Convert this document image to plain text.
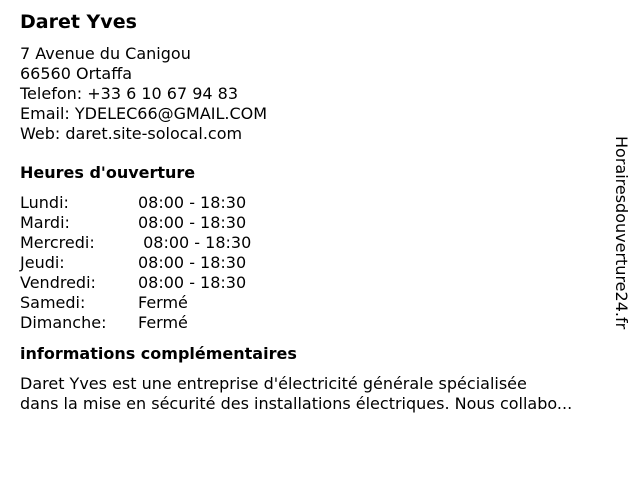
Daret Yves
7 Avenue du Canigou
66560 Ortaffa
Telefon: +33 6 10 67 94 83
Email: YDELEC66@GMAIL.COM
Web: daret.site-solocal.com
Heures d'ouverture
Lundi:	08:00 - 18:30
Mardi:	08:00 - 18:30
Mercredi:	08:00 - 18:30
Jeudi:	08:00 - 18:30
Vendredi:	08:00 - 18:30
Samedi:	Fermé
Dimanche:	Fermé
informations complémentaires
Daret Yves est une entreprise d'électricité générale spécialisée
dans la mise en sécurité des installations électriques. Nous collabo...
Horairesdouverture24.fr
